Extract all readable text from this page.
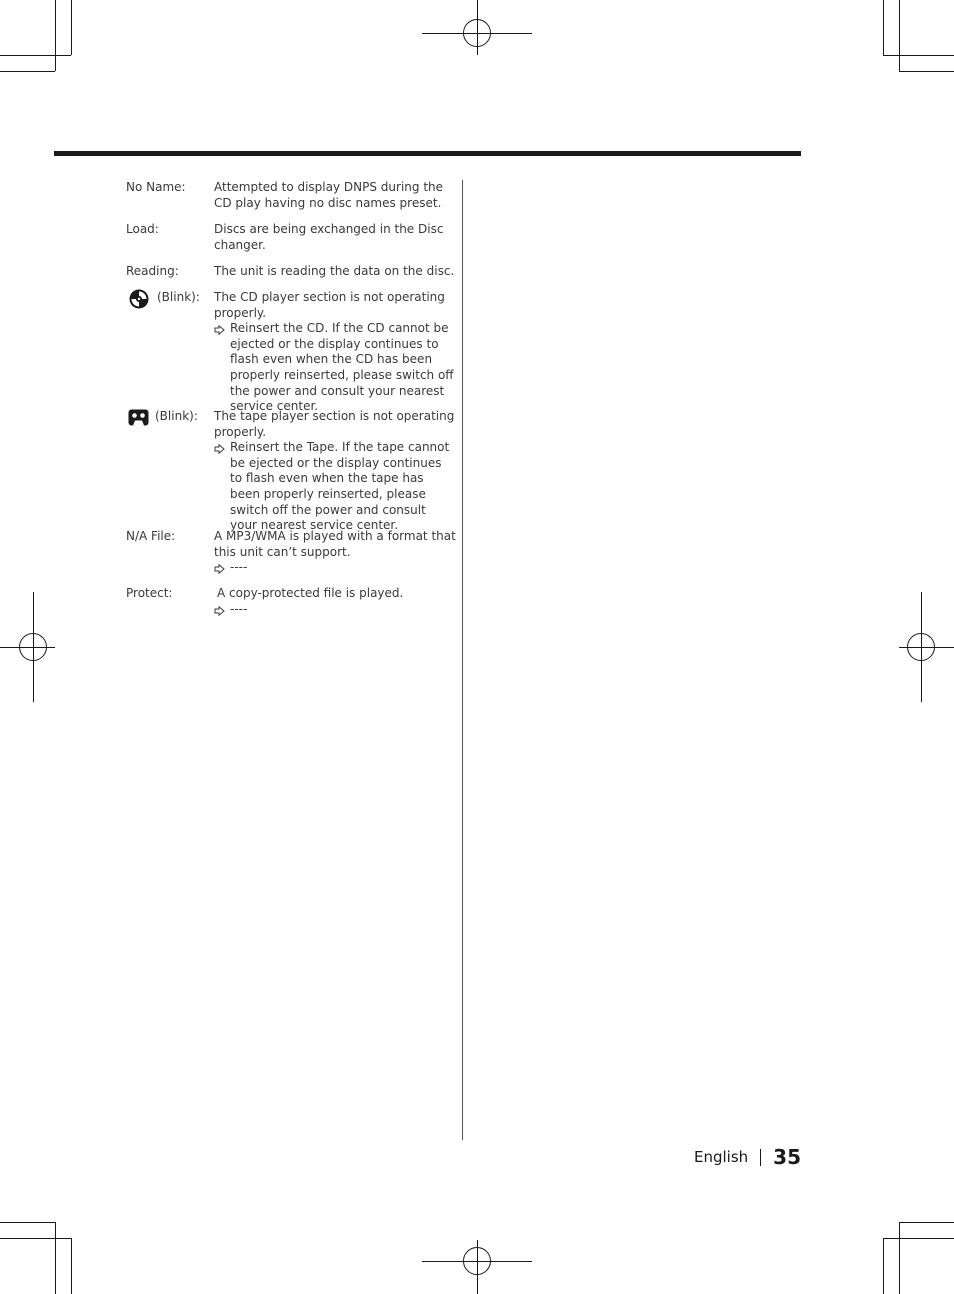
No Name: Attempted to display DNPS during the CD play having no disc names preset.
Load:	Discs are being exchanged in the Disc changer.
Reading:	The unit is reading the data on the disc.
(Blink): The CD player section is not operating properly.
Reinsert the CD. If the CD cannot be ejected or the display continues to flash even when the CD has been properly reinserted, please switch off the power and consult your nearest service center.
(Blink): The tape player section is not operating properly.
Reinsert the Tape. If the tape cannot be ejected or the display continues to flash even when the tape has been properly reinserted, please switch off the power and consult your nearest service center.
N/A File:	A MP3/WMA is played with a format that this unit can’t support.
----
Protect:	A copy-protected file is played.
----
English 35
